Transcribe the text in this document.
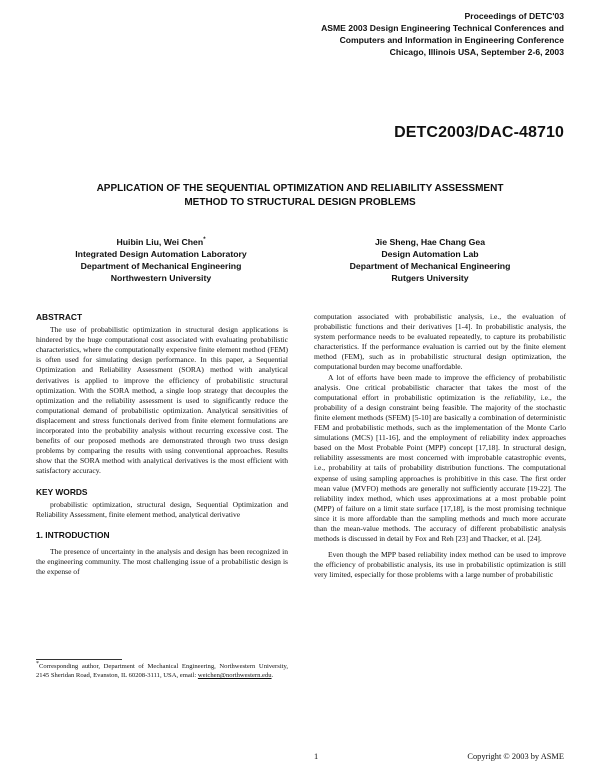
Proceedings of DETC'03
ASME 2003 Design Engineering Technical Conferences and
Computers and Information in Engineering Conference
Chicago, Illinois USA, September 2-6, 2003
DETC2003/DAC-48710
APPLICATION OF THE SEQUENTIAL OPTIMIZATION AND RELIABILITY ASSESSMENT
METHOD TO STRUCTURAL DESIGN PROBLEMS
Huibin Liu, Wei Chen*
Integrated Design Automation Laboratory
Department of Mechanical Engineering
Northwestern University
Jie Sheng, Hae Chang Gea
Design Automation Lab
Department of Mechanical Engineering
Rutgers University
ABSTRACT

The use of probabilistic optimization in structural design applications is hindered by the huge computational cost associated with evaluating probabilistic characteristics, where the computationally expensive finite element method (FEM) is often used for simulating design performance. In this paper, a Sequential Optimization and Reliability Assessment (SORA) method with analytical derivatives is applied to improve the efficiency of probabilistic structural optimization. With the SORA method, a single loop strategy that decouples the optimization and the reliability assessment is used to significantly reduce the computational demand of probabilistic optimization. Analytical sensitivities of displacement and stress functionals derived from finite element formulations are incorporated into the probability analysis without recurring excessive cost. The benefits of our proposed methods are demonstrated through two truss design problems by comparing the results with using conventional approaches. Results show that the SORA method with analytical derivatives is the most efficient with satisfactory accuracy.

KEY WORDS

probabilistic optimization, structural design, Sequential Optimization and Reliability Assessment, finite element method, analytical derivative

1. INTRODUCTION

The presence of uncertainty in the analysis and design has been recognized in the engineering community. The most challenging issue of a probabilistic design is the expense of

*Corresponding author, Department of Mechanical Engineering, Northwestern University, 2145 Sheridan Road, Evanston, IL 60208-3111, USA, email: weichen@northwestern.edu.

computation associated with probabilistic analysis, i.e., the evaluation of probabilistic functions and their derivatives [1-4]. In probabilistic analysis, the system performance needs to be evaluated repeatedly, to capture its probabilistic characteristics. If the performance evaluation is carried out by the finite element method (FEM), such as in probabilistic structural design optimization, the computational burden may become unaffordable.

A lot of efforts have been made to improve the efficiency of probabilistic analysis. One critical probabilistic character that takes the most of the computational effort in probabilistic optimization is the reliability, i.e., the probability of a design constraint being feasible. The majority of the stochastic finite element methods (SFEM) [5-10] are basically a combination of deterministic FEM and probabilistic methods, such as the implementation of the Monte Carlo simulations (MCS) [11-16], and the employment of reliability index approaches based on the Most Probable Point (MPP) concept [17,18]. In structural design, reliability assessments are most concerned with improbable catastrophic events, i.e., probability at tails of probability distribution functions. The computational expense of using sampling approaches is prohibitive in this case. The first order mean value (MVFO) methods are generally not sufficiently accurate [19-22]. The reliability index method, which uses approximations at a most probable point (MPP) of failure on a limit state surface [17,18], is the most promising technique since it is more affordable than the sampling methods and much more accurate than the mean-value methods. The accuracy of different probabilistic analysis methods is discussed in detail by Fox and Reh [23] and Thacker, et al. [24].

Even though the MPP based reliability index method can be used to improve the efficiency of probabilistic analysis, its use in probabilistic optimization is still very limited, especially for those problems with a large number of probabilistic

1	Copyright © 2003 by ASME
